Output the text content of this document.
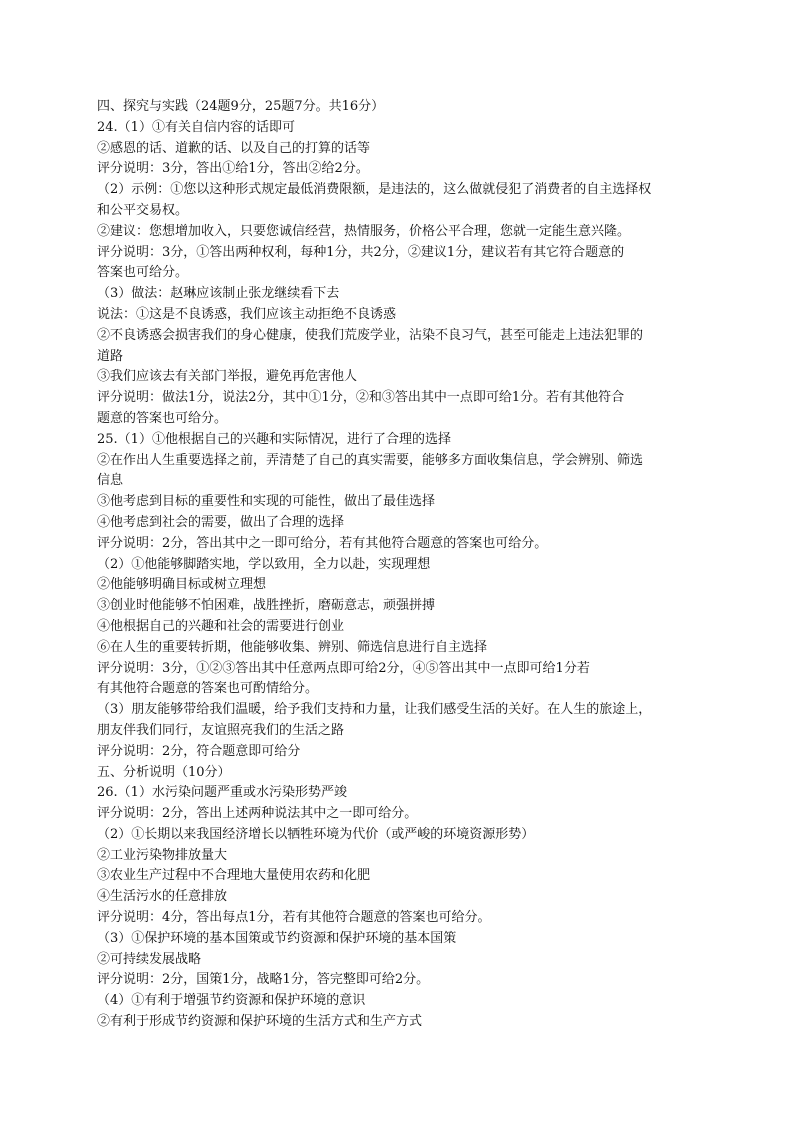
四、探究与实践（24题9分，25题7分。共16分）
24.（1）①有关自信内容的话即可
②感恩的话、道歉的话、以及自己的打算的话等
评分说明：3分，答出①给1分，答出②给2分。
（2）示例：①您以这种形式规定最低消费限额，是违法的，这么做就侵犯了消费者的自主选择权
和公平交易权。
②建议：您想增加收入，只要您诚信经营，热情服务，价格公平合理，您就一定能生意兴隆。
评分说明：3分，①答出两种权利，每种1分，共2分，②建议1分，建议若有其它符合题意的
答案也可给分。
（3）做法：赵琳应该制止张龙继续看下去
说法：①这是不良诱惑，我们应该主动拒绝不良诱惑
②不良诱惑会损害我们的身心健康，使我们荒废学业，沾染不良习气，甚至可能走上违法犯罪的
道路
③我们应该去有关部门举报，避免再危害他人
评分说明：做法1分，说法2分，其中①1分，②和③答出其中一点即可给1分。若有其他符合
题意的答案也可给分。
25.（1）①他根据自己的兴趣和实际情况，进行了合理的选择
②在作出人生重要选择之前，弄清楚了自己的真实需要，能够多方面收集信息，学会辨别、筛选
信息
③他考虑到目标的重要性和实现的可能性，做出了最佳选择
④他考虑到社会的需要，做出了合理的选择
评分说明：2分，答出其中之一即可给分，若有其他符合题意的答案也可给分。
（2）①他能够脚踏实地，学以致用，全力以赴，实现理想
②他能够明确目标或树立理想
③创业时他能够不怕困难，战胜挫折，磨砺意志，顽强拼搏
④他根据自己的兴趣和社会的需要进行创业
⑥在人生的重要转折期，他能够收集、辨别、筛选信息进行自主选择
评分说明：3分，①②③答出其中任意两点即可给2分，④⑤答出其中一点即可给1分若
有其他符合题意的答案也可酌情给分。
（3）朋友能够带给我们温暖，给予我们支持和力量，让我们感受生活的关好。在人生的旅途上，
朋友伴我们同行，友谊照亮我们的生活之路
评分说明：2分，符合题意即可给分
五、分析说明（10分）
26.（1）水污染问题严重或水污染形势严竣
评分说明：2分，答出上述两种说法其中之一即可给分。
（2）①长期以来我国经济增长以牺牲环境为代价（或严峻的环境资源形势）
②工业污染物排放量大
③农业生产过程中不合理地大量使用农药和化肥
④生活污水的任意排放
评分说明：4分，答出每点1分，若有其他符合题意的答案也可给分。
（3）①保护环境的基本国策或节约资源和保护环境的基本国策
②可持续发展战略
评分说明：2分，国策1分，战略1分，答完整即可给2分。
（4）①有利于增强节约资源和保护环境的意识
②有利于形成节约资源和保护环境的生活方式和生产方式
